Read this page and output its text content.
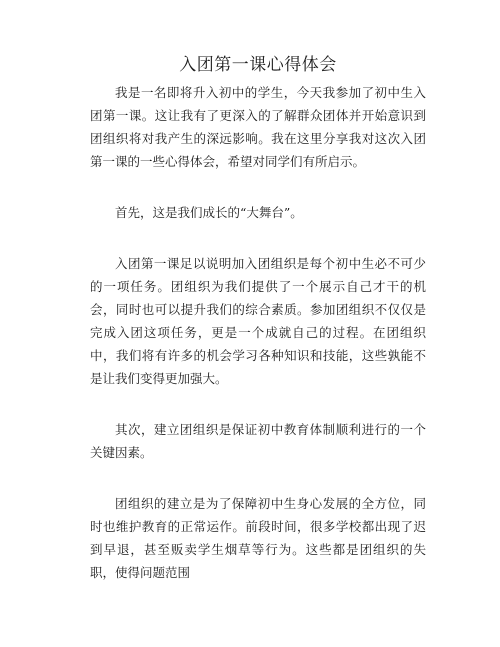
入团第一课心得体会

我是一名即将升入初中的学生，今天我参加了初中生入团第一课。这让我有了更深入的了解群众团体并开始意识到团组织将对我产生的深远影响。我在这里分享我对这次入团第一课的一些心得体会，希望对同学们有所启示。

首先，这是我们成长的“大舞台”。

入团第一课足以说明加入团组织是每个初中生必不可少的一项任务。团组织为我们提供了一个展示自己才干的机会，同时也可以提升我们的综合素质。参加团组织不仅仅是完成入团这项任务，更是一个成就自己的过程。在团组织中，我们将有许多的机会学习各种知识和技能，这些孰能不是让我们变得更加强大。

其次，建立团组织是保证初中教育体制顺利进行的一个关键因素。

团组织的建立是为了保障初中生身心发展的全方位，同时也维护教育的正常运作。前段时间，很多学校都出现了迟到早退，甚至贩卖学生烟草等行为。这些都是团组织的失职，使得问题范围
